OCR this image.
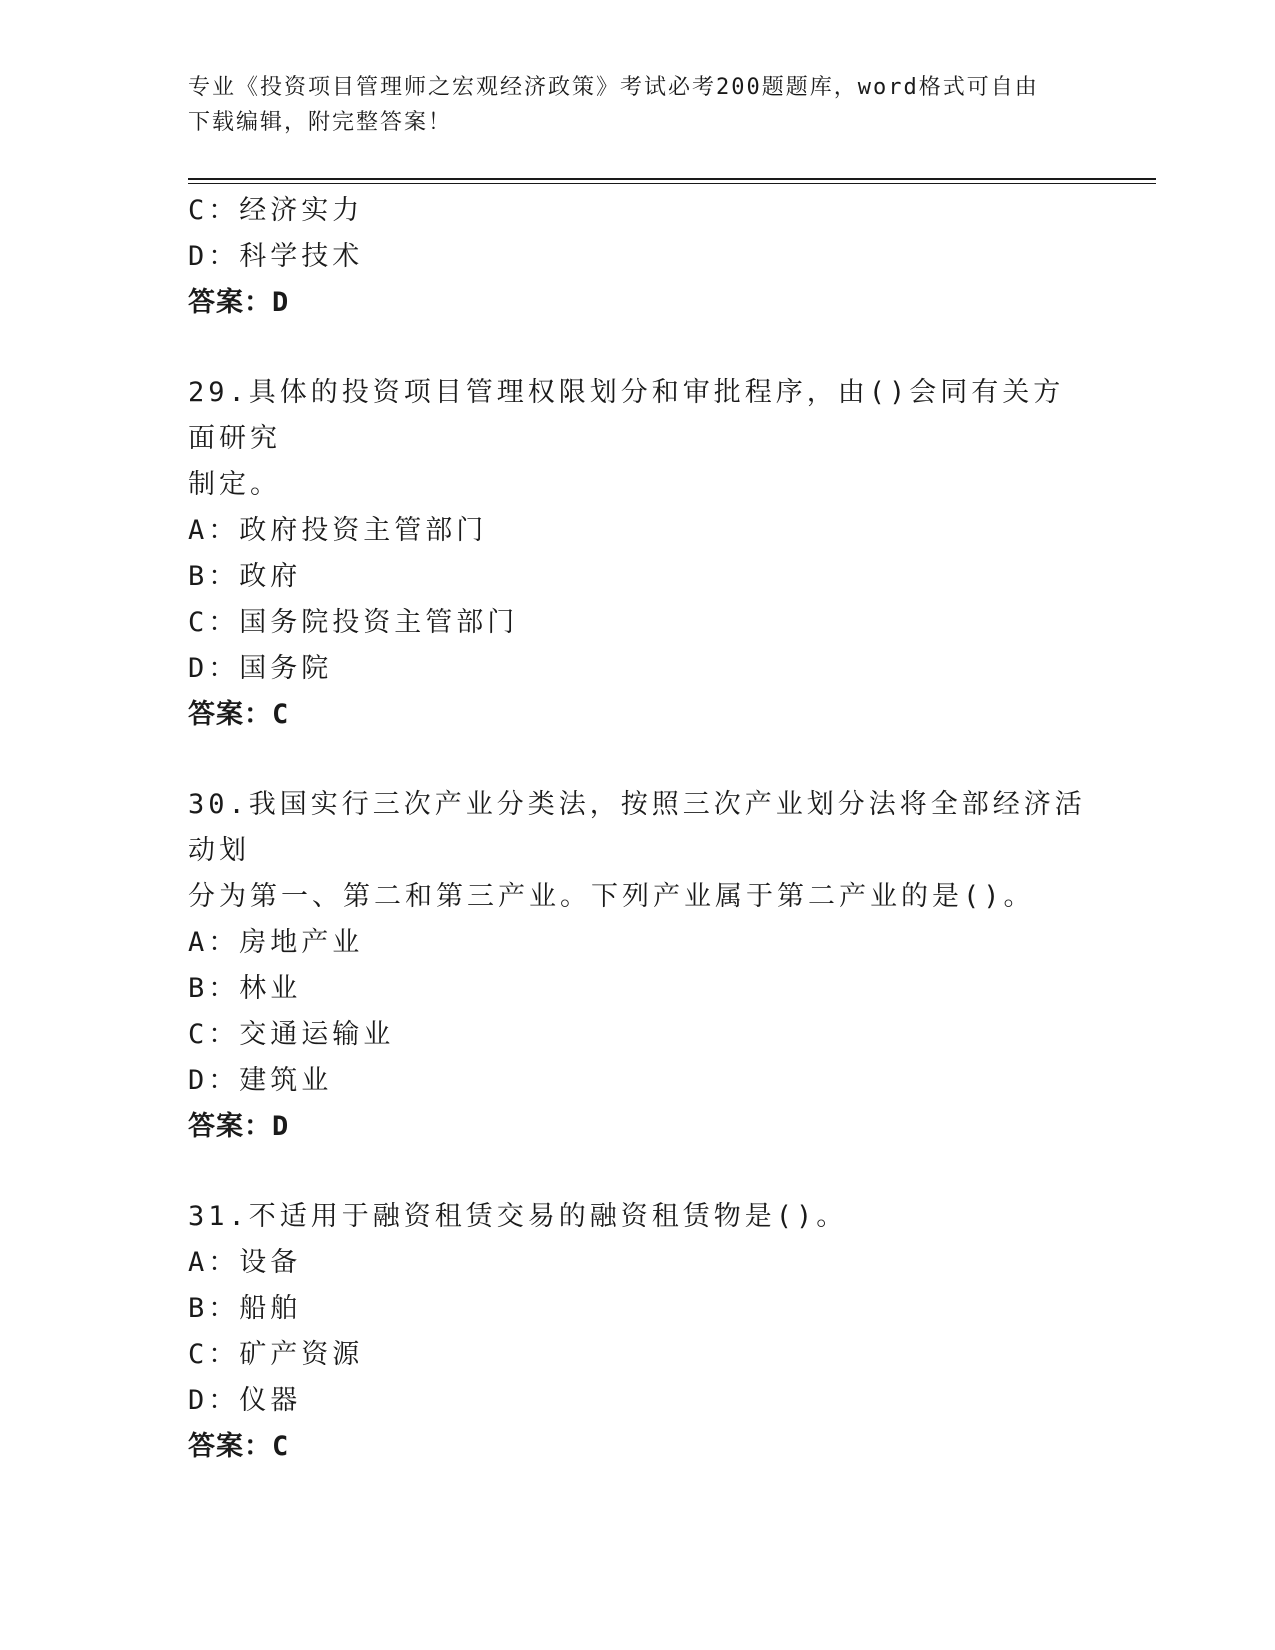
专业《投资项目管理师之宏观经济政策》考试必考200题题库，word格式可自由
下载编辑，附完整答案！
C：经济实力
D：科学技术
答案：D
29.具体的投资项目管理权限划分和审批程序，由()会同有关方面研究
制定。
A：政府投资主管部门
B：政府
C：国务院投资主管部门
D：国务院
答案：C
30.我国实行三次产业分类法，按照三次产业划分法将全部经济活动划
分为第一、第二和第三产业。下列产业属于第二产业的是()。
A：房地产业
B：林业
C：交通运输业
D：建筑业
答案：D
31.不适用于融资租赁交易的融资租赁物是()。
A：设备
B：船舶
C：矿产资源
D：仪器
答案：C
